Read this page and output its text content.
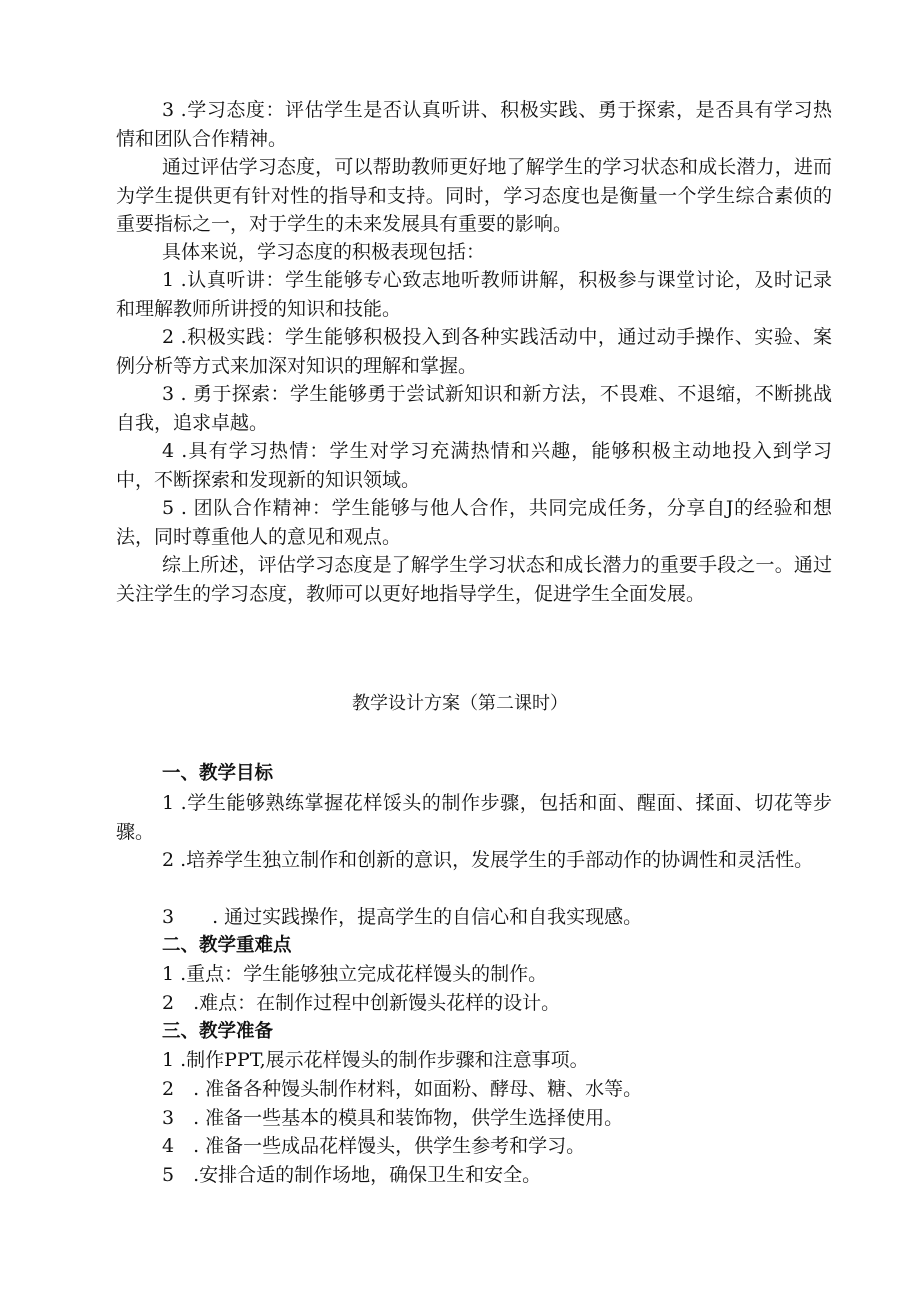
3 .学习态度：评估学生是否认真听讲、积极实践、勇于探索，是否具有学习热情和团队合作精神。

通过评估学习态度，可以帮助教师更好地了解学生的学习状态和成长潜力，进而为学生提供更有针对性的指导和支持。同时，学习态度也是衡量一个学生综合素侦的重要指标之一，对于学生的未来发展具有重要的影响。

具体来说，学习态度的积极表现包括：

1 .认真听讲：学生能够专心致志地听教师讲解，积极参与课堂讨论，及时记录和理解教师所讲授的知识和技能。

2 .积极实践：学生能够积极投入到各种实践活动中，通过动手操作、实验、案例分析等方式来加深对知识的理解和掌握。

3 . 勇于探索：学生能够勇于尝试新知识和新方法，不畏难、不退缩，不断挑战自我，追求卓越。

4 .具有学习热情：学生对学习充满热情和兴趣，能够积极主动地投入到学习中，不断探索和发现新的知识领域。

5 . 团队合作精神：学生能够与他人合作，共同完成任务，分享自J的经验和想法，同时尊重他人的意见和观点。

综上所述，评估学习态度是了解学生学习状态和成长潜力的重要手段之一。通过关注学生的学习态度，教师可以更好地指导学生，促进学生全面发展。

教学设计方案（第二课时）

一、教学目标

1 .学生能够熟练掌握花样馁头的制作步骤，包括和面、醒面、揉面、切花等步骤。

2 .培养学生独立制作和创新的意识，发展学生的手部动作的协调性和灵活性。

3　　. 通过实践操作，提高学生的自信心和自我实现感。

二、教学重难点

1 .重点：学生能够独立完成花样馒头的制作。

2　.难点：在制作过程中创新馒头花样的设计。

三、教学准备

1 .制作PPT,展示花样馒头的制作步骤和注意事项。

2　. 准备各种馒头制作材料，如面粉、酵母、糖、水等。

3　. 准备一些基本的模具和装饰物，供学生选择使用。

4　. 准备一些成品花样馒头，供学生参考和学习。

5　.安排合适的制作场地，确保卫生和安全。
